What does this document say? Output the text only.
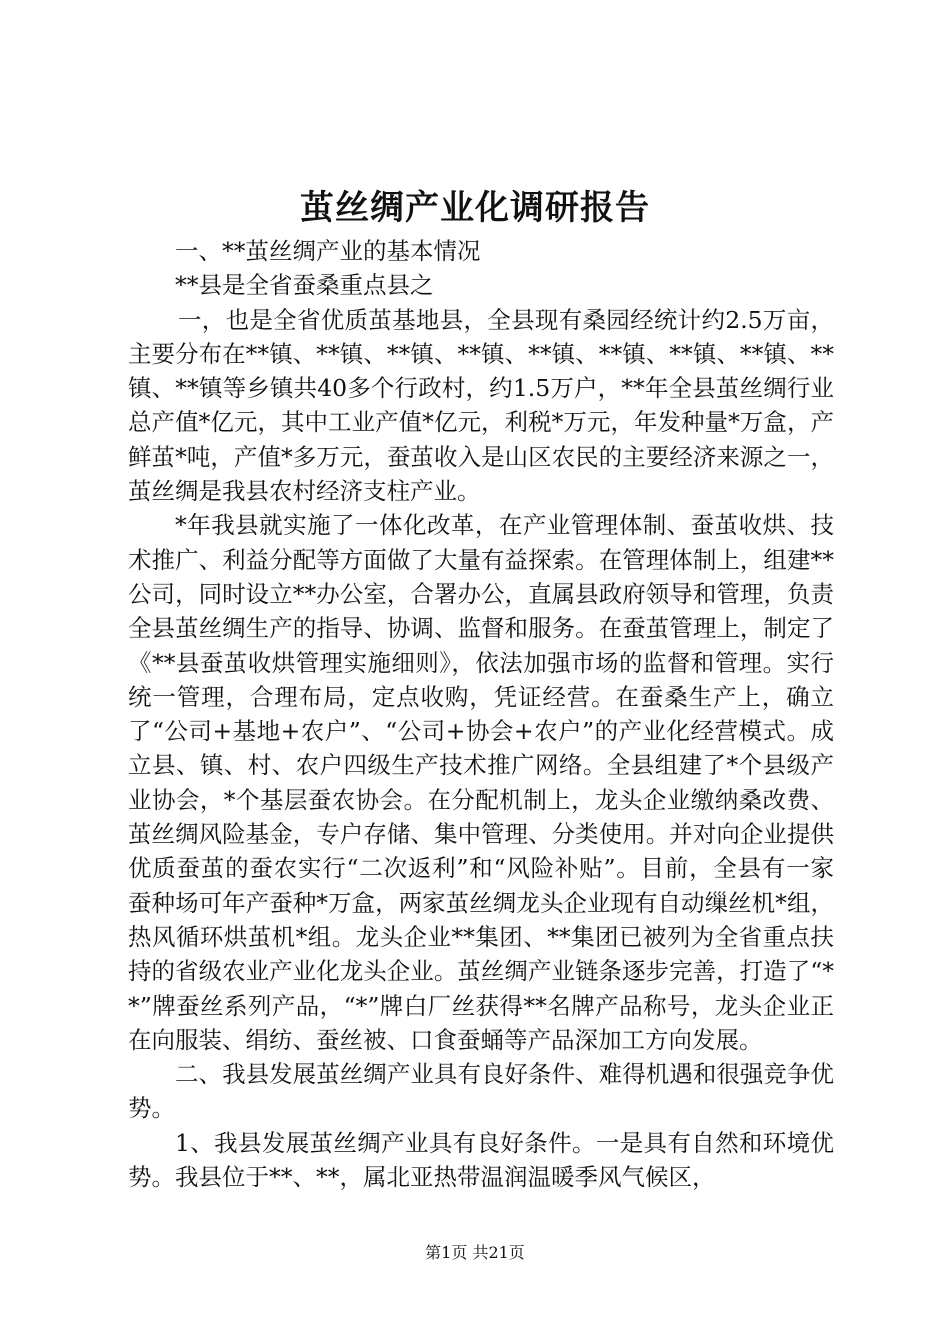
茧丝绸产业化调研报告

一、**茧丝绸产业的基本情况

**县是全省蚕桑重点县之

一，也是全省优质茧基地县，全县现有桑园经统计约2.5万亩，主要分布在**镇、**镇、**镇、**镇、**镇、**镇、**镇、**镇、**镇、**镇等乡镇共40多个行政村，约1.5万户，**年全县茧丝绸行业总产值*亿元，其中工业产值*亿元，利税*万元，年发种量*万盒，产鲜茧*吨，产值*多万元，蚕茧收入是山区农民的主要经济来源之一，茧丝绸是我县农村经济支柱产业。

*年我县就实施了一体化改革，在产业管理体制、蚕茧收烘、技术推广、利益分配等方面做了大量有益探索。在管理体制上，组建**公司，同时设立**办公室，合署办公，直属县政府领导和管理，负责全县茧丝绸生产的指导、协调、监督和服务。在蚕茧管理上，制定了《**县蚕茧收烘管理实施细则》，依法加强市场的监督和管理。实行统一管理，合理布局，定点收购，凭证经营。在蚕桑生产上，确立了“公司+基地+农户”、“公司+协会+农户”的产业化经营模式。成立县、镇、村、农户四级生产技术推广网络。全县组建了*个县级产业协会，*个基层蚕农协会。在分配机制上，龙头企业缴纳桑改费、茧丝绸风险基金，专户存储、集中管理、分类使用。并对向企业提供优质蚕茧的蚕农实行“二次返利”和“风险补贴”。目前，全县有一家蚕种场可年产蚕种*万盒，两家茧丝绸龙头企业现有自动缫丝机*组，热风循环烘茧机*组。龙头企业**集团、**集团已被列为全省重点扶持的省级农业产业化龙头企业。茧丝绸产业链条逐步完善，打造了“**”牌蚕丝系列产品，“*”牌白厂丝获得**名牌产品称号，龙头企业正在向服装、绢纺、蚕丝被、口食蚕蛹等产品深加工方向发展。

二、我县发展茧丝绸产业具有良好条件、难得机遇和很强竞争优势。

1、我县发展茧丝绸产业具有良好条件。一是具有自然和环境优势。我县位于**、**，属北亚热带温润温暖季风气候区，

第1页 共21页
